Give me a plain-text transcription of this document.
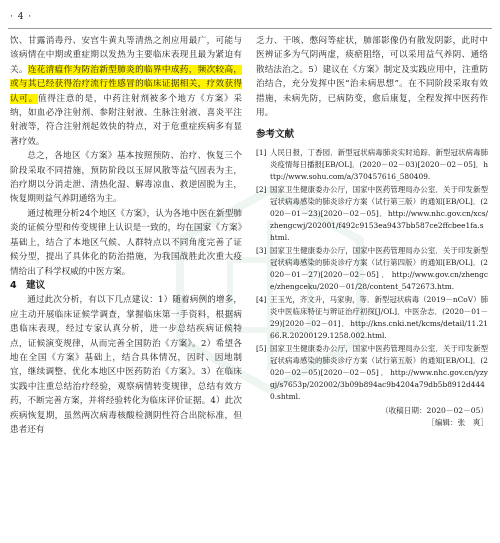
· 4 ·

饮、甘露消毒丹、安宫牛黄丸等清热之剂应用最广，可能与该病情在中期或重症期以发热为主要临床表现且最为紧迫有关。连花清瘟作为防治新型肺炎的临界中成药，频次较高，或与其已经获得治疗流行性感冒的临床证据相关，疗效获得认可。值得注意的是，中药注射剂被多个地方《方案》采纳，如血必净注射剂、参附注射液、生脉注射液、喜炎平注射液等，符合注射剂起效快的特点，对于危重症疾病多有显著疗效。

总之，各地区《方案》基本按照预防、治疗、恢复三个阶段采取不同措施，预防阶段以玉屏风散等益气固表为主，治疗期以分消走泄、清热化湿、解毒凉血、救逆固脱为主，恢复期则益气养阴通络为主。

通过梳理分析24个地区《方案》，认为各地中医在新型肺炎的证候分型和传变规律上认识是一致的，均在国家《方案》基础上，结合了本地区气候、人群特点以不同角度完善了证候分型，提出了具体化的防治措施，为我国战胜此次重大疫情给出了科学权威的中医方案。

4　建议

通过此次分析，有以下几点建议：1）随着病例的增多，应主动开展临床证候学调查，掌握临床第一手资料，根据病患临床表现，经过专家认真分析，进一步总结疾病证候特点，证候演变规律，从而完善全国防治《方案》。2）希望各地在全国《方案》基础上，结合具体情况，因时、因地制宜，继续调整、优化本地区中医药防治《方案》。3）在临床实践中注重总结治疗经验，观察病情转变规律，总结有效方药，不断完善方案，并将经验转化为临床评价证据。4）此次疾病恢复期，虽然两次病毒核酸检测阴性符合出院标准，但患者还有

乏力、干咳、憋闷等症状，肺部影像仍有散发阴影，此时中医辨证多为气阴两虚，痰瘀阻络，可以采用益气养阴、通络散结法治之。5）建议在《方案》制定及实践应用中，注重防治结合，充分发挥中医“治未病思想”。在不同阶段采取有效措施，未病先防，已病防变，愈后康复，全程发挥中医药作用。

参考文献
[1] 人民日报，丁香园．新型冠状病毒肺炎实时追踪．新型冠状病毒肺炎疫情每日播报[EB/OL]．(2020－02－03)[2020－02－05]．http://www.sohu.com/a/370457616_580409.
[2] 国家卫生健康委办公厅，国家中医药管理局办公室．关于印发新型冠状病毒感染的肺炎诊疗方案（试行第三版）的通知[EB/OL]．(2020－01－23)[2020－02－05]．http://www.nhc.gov.cn/xcs/zhengcwj/202001/f492c9153ea9437bb587ce2ffcbee1fa.shtml.
[3] 国家卫生健康委办公厅，国家中医药管理局办公室．关于印发新型冠状病毒感染的肺炎诊疗方案（试行第四版）的通知[EB/OL]．(2020－01－27)[2020－02－05]．http://www.gov.cn/zhengce/zhengceku/2020－01/28/content_5472673.htm.
[4] 王玉光，齐文升，马家驹，等．新型冠状病毒（2019－nCoV）肺炎中医临床特征与辨证治疗初探[J/OL]．中医杂志．(2020－01－29)[2020－02－01]．http://kns.cnki.net/kcms/detail/11.2166.R.20200129.1258.002.html.
[5] 国家卫生健康委办公厅，国家中医药管理局办公室．关于印发新型冠状病毒感染的肺炎诊疗方案（试行第五版）的通知[EB/OL]．(2020－02－05)[2020－02－05]．http://www.nhc.gov.cn/yzygj/s7653p/202002/3b09b894ac9b4204a79db5b8912d4440.shtml.
（收稿日期：2020－02－05）
［编辑：张　爽］
